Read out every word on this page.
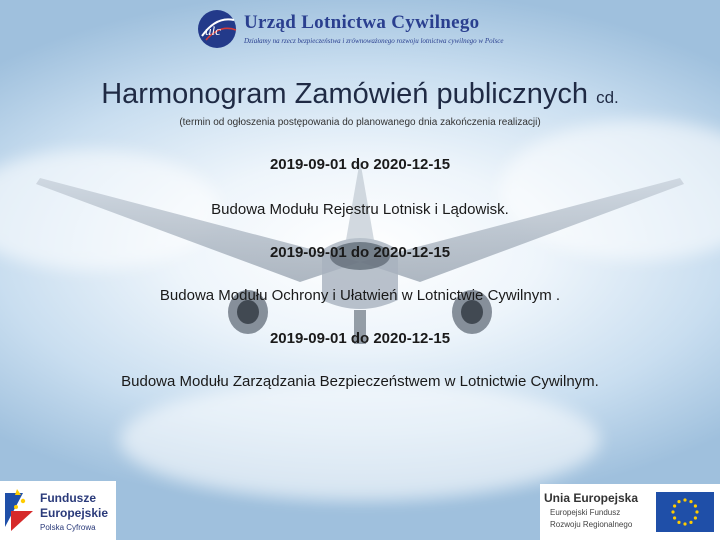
ulc Urząd Lotnictwa Cywilnego
Działamy na rzecz bezpieczeństwa i zrównoważonego rozwoju lotnictwa cywilnego w Polsce
Harmonogram Zamówień publicznych cd.
(termin od ogłoszenia postępowania do planowanego dnia zakończenia realizacji)
2019-09-01 do 2020-12-15
Budowa Modułu Rejestru Lotnisk i Lądowisk.
2019-09-01 do 2020-12-15
Budowa Modułu Ochrony i Ułatwień w Lotnictwie Cywilnym .
2019-09-01 do 2020-12-15
Budowa Modułu Zarządzania Bezpieczeństwem w Lotnictwie Cywilnym.
Fundusze
Europejskie
Polska Cyfrowa
Unia Europejska
Europejski Fundusz
Rozwoju Regionalnego
